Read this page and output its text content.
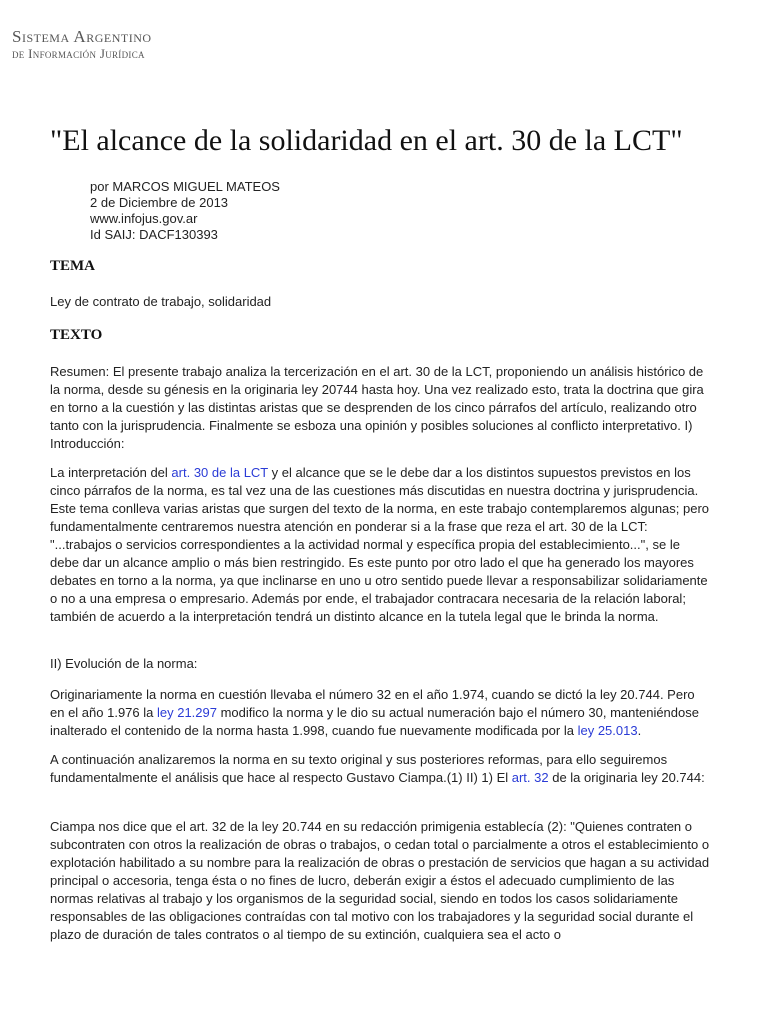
Sistema Argentino
de Información Jurídica
"El alcance de la solidaridad en el art. 30 de la LCT"
por MARCOS MIGUEL MATEOS
2 de Diciembre de 2013
www.infojus.gov.ar
Id SAIJ: DACF130393
TEMA

Ley de contrato de trabajo, solidaridad

TEXTO

Resumen: El presente trabajo analiza la tercerización en el art. 30 de la LCT, proponiendo un análisis histórico de la norma, desde su génesis en la originaria ley 20744 hasta hoy. Una vez realizado esto, trata la doctrina que gira en torno a la cuestión y las distintas aristas que se desprenden de los cinco párrafos del artículo, realizando otro tanto con la jurisprudencia. Finalmente se esboza una opinión y posibles soluciones al conflicto interpretativo. I) Introducción:

La interpretación del art. 30 de la LCT y el alcance que se le debe dar a los distintos supuestos previstos en los cinco párrafos de la norma, es tal vez una de las cuestiones más discutidas en nuestra doctrina y jurisprudencia. Este tema conlleva varias aristas que surgen del texto de la norma, en este trabajo contemplaremos algunas; pero fundamentalmente centraremos nuestra atención en ponderar si a la frase que reza el art. 30 de la LCT: "...trabajos o servicios correspondientes a la actividad normal y específica propia del establecimiento...", se le debe dar un alcance amplio o más bien restringido. Es este punto por otro lado el que ha generado los mayores debates en torno a la norma, ya que inclinarse en uno u otro sentido puede llevar a responsabilizar solidariamente o no a una empresa o empresario. Además por ende, el trabajador contracara necesaria de la relación laboral; también de acuerdo a la interpretación tendrá un distinto alcance en la tutela legal que le brinda la norma.

II) Evolución de la norma:

Originariamente la norma en cuestión llevaba el número 32 en el año 1.974, cuando se dictó la ley 20.744. Pero en el año 1.976 la ley 21.297 modifico la norma y le dio su actual numeración bajo el número 30, manteniéndose inalterado el contenido de la norma hasta 1.998, cuando fue nuevamente modificada por la ley 25.013.

A continuación analizaremos la norma en su texto original y sus posteriores reformas, para ello seguiremos fundamentalmente el análisis que hace al respecto Gustavo Ciampa.(1) II) 1) El art. 32 de la originaria ley 20.744:

Ciampa nos dice que el art. 32 de la ley 20.744 en su redacción primigenia establecía (2): "Quienes contraten o subcontraten con otros la realización de obras o trabajos, o cedan total o parcialmente a otros el establecimiento o explotación habilitado a su nombre para la realización de obras o prestación de servicios que hagan a su actividad principal o accesoria, tenga ésta o no fines de lucro, deberán exigir a éstos el adecuado cumplimiento de las normas relativas al trabajo y los organismos de la seguridad social, siendo en todos los casos solidariamente responsables de las obligaciones contraídas con tal motivo con los trabajadores y la seguridad social durante el plazo de duración de tales contratos o al tiempo de su extinción, cualquiera sea el acto o
